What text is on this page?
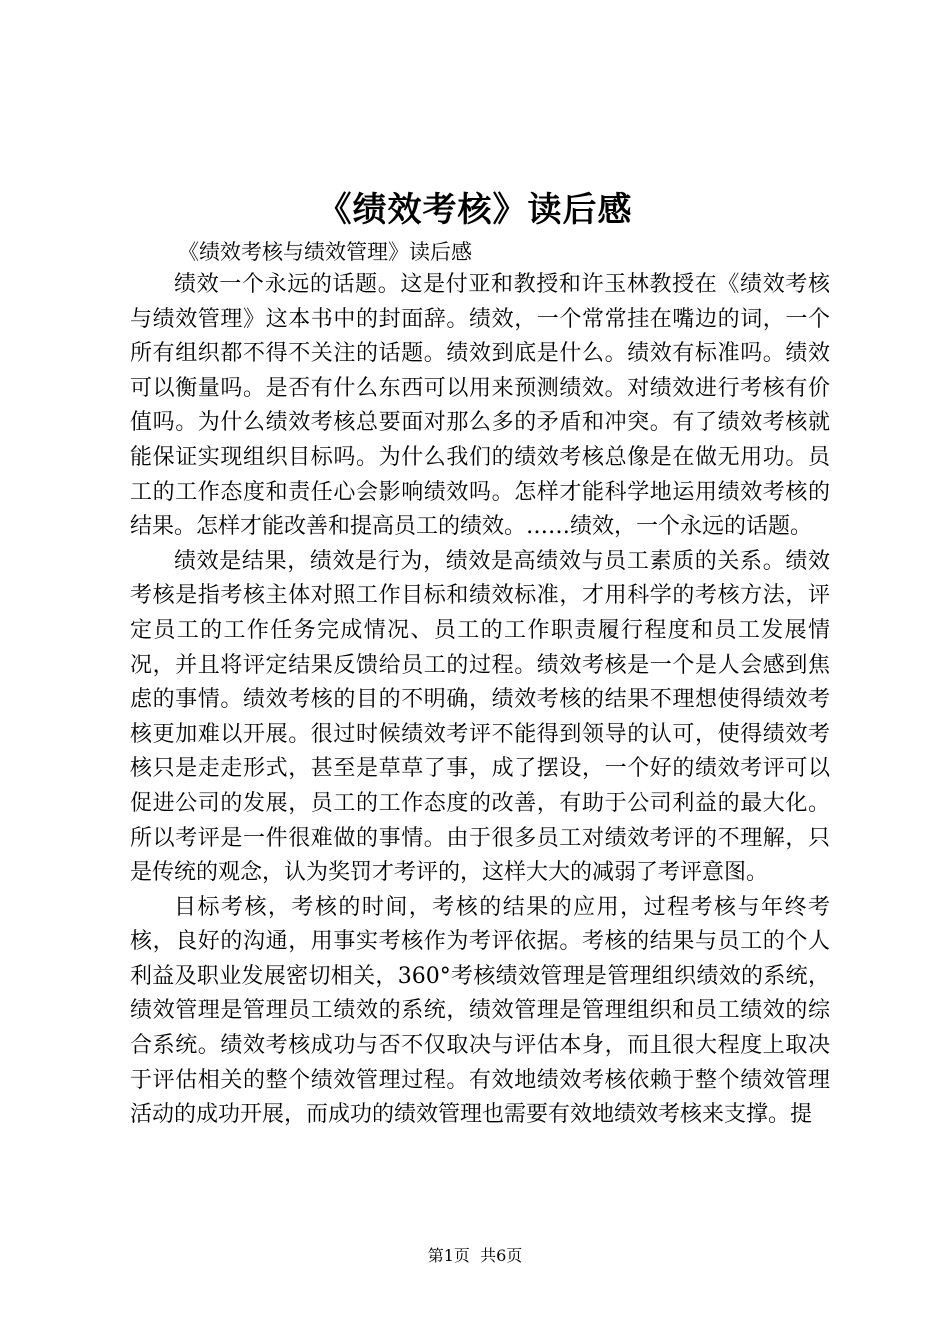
《绩效考核》读后感
《绩效考核与绩效管理》读后感

绩效一个永远的话题。这是付亚和教授和许玉林教授在《绩效考核与绩效管理》这本书中的封面辞。绩效，一个常常挂在嘴边的词，一个所有组织都不得不关注的话题。绩效到底是什么。绩效有标准吗。绩效可以衡量吗。是否有什么东西可以用来预测绩效。对绩效进行考核有价值吗。为什么绩效考核总要面对那么多的矛盾和冲突。有了绩效考核就能保证实现组织目标吗。为什么我们的绩效考核总像是在做无用功。员工的工作态度和责任心会影响绩效吗。怎样才能科学地运用绩效考核的结果。怎样才能改善和提高员工的绩效。……绩效，一个永远的话题。

绩效是结果，绩效是行为，绩效是高绩效与员工素质的关系。绩效考核是指考核主体对照工作目标和绩效标准，才用科学的考核方法，评定员工的工作任务完成情况、员工的工作职责履行程度和员工发展情况，并且将评定结果反馈给员工的过程。绩效考核是一个是人会感到焦虑的事情。绩效考核的目的不明确，绩效考核的结果不理想使得绩效考核更加难以开展。很过时候绩效考评不能得到领导的认可，使得绩效考核只是走走形式，甚至是草草了事，成了摆设，一个好的绩效考评可以促进公司的发展，员工的工作态度的改善，有助于公司利益的最大化。所以考评是一件很难做的事情。由于很多员工对绩效考评的不理解，只是传统的观念，认为奖罚才考评的，这样大大的减弱了考评意图。

目标考核，考核的时间，考核的结果的应用，过程考核与年终考核，良好的沟通，用事实考核作为考评依据。考核的结果与员工的个人利益及职业发展密切相关，360°考核绩效管理是管理组织绩效的系统，绩效管理是管理员工绩效的系统，绩效管理是管理组织和员工绩效的综合系统。绩效考核成功与否不仅取决与评估本身，而且很大程度上取决于评估相关的整个绩效管理过程。有效地绩效考核依赖于整个绩效管理活动的成功开展，而成功的绩效管理也需要有效地绩效考核来支撑。提

第1页 共6页
